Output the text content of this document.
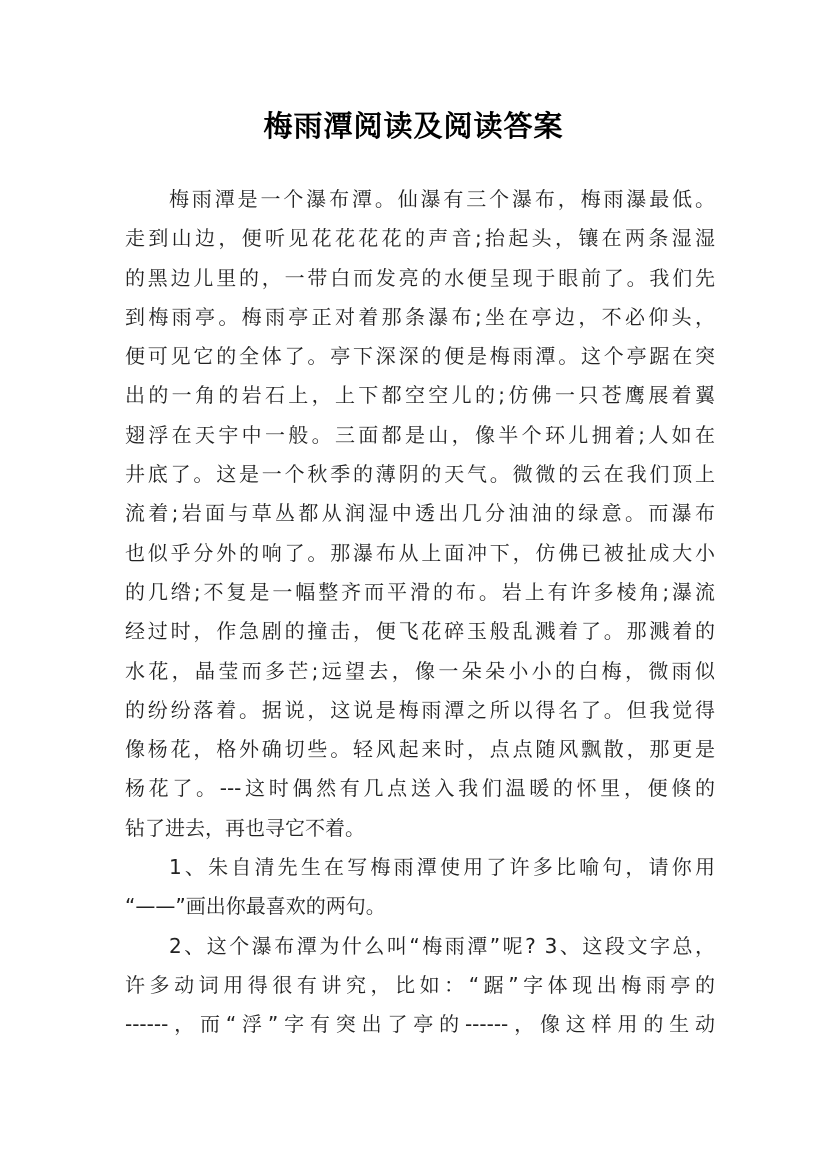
梅雨潭阅读及阅读答案
梅雨潭是一个瀑布潭。仙瀑有三个瀑布，梅雨瀑最低。
走到山边，便听见花花花花的声音;抬起头，镶在两条湿湿
的黑边儿里的，一带白而发亮的水便呈现于眼前了。我们先
到梅雨亭。梅雨亭正对着那条瀑布;坐在亭边，不必仰头，
便可见它的全体了。亭下深深的便是梅雨潭。这个亭踞在突
出的一角的岩石上，上下都空空儿的;仿佛一只苍鹰展着翼
翅浮在天宇中一般。三面都是山，像半个环儿拥着;人如在
井底了。这是一个秋季的薄阴的天气。微微的云在我们顶上
流着;岩面与草丛都从润湿中透出几分油油的绿意。而瀑布
也似乎分外的响了。那瀑布从上面冲下，仿佛已被扯成大小
的几绺;不复是一幅整齐而平滑的布。岩上有许多棱角;瀑流
经过时，作急剧的撞击，便飞花碎玉般乱溅着了。那溅着的
水花，晶莹而多芒;远望去，像一朵朵小小的白梅，微雨似
的纷纷落着。据说，这说是梅雨潭之所以得名了。但我觉得
像杨花，格外确切些。轻风起来时，点点随风飘散，那更是
杨花了。---这时偶然有几点送入我们温暖的怀里，便倏的
钻了进去，再也寻它不着。
1、朱自清先生在写梅雨潭使用了许多比喻句，请你用
“——”画出你最喜欢的两句。
2、这个瀑布潭为什么叫“梅雨潭”呢? 3、这段文字总，
许多动词用得很有讲究，比如：“踞”字体现出梅雨亭的
------，而“浮”字有突出了亭的------，像这样用的生动
